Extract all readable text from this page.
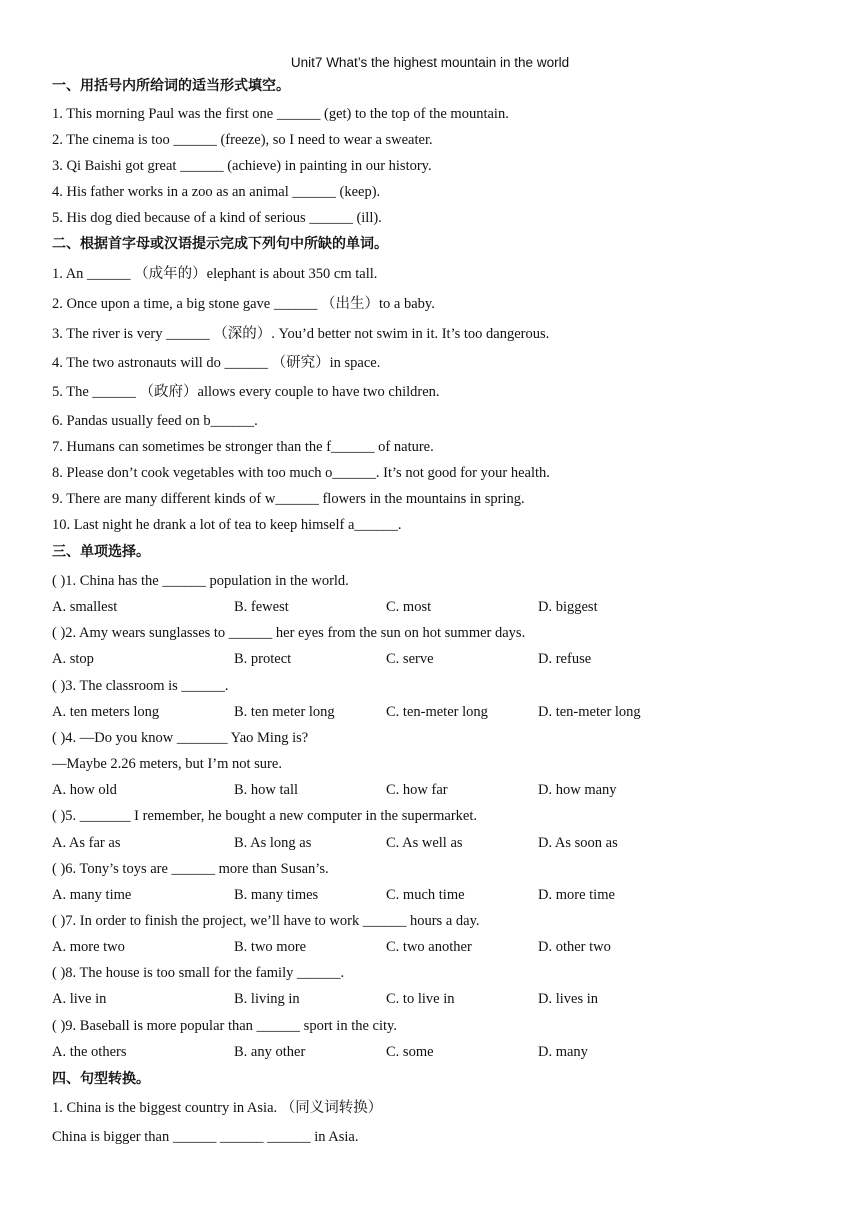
Unit7 What’s the highest mountain in the world
一、用括号内所给词的适当形式填空。
1. This morning Paul was the first one ______ (get) to the top of the mountain.
2. The cinema is too ______ (freeze), so I need to wear a sweater.
3. Qi Baishi got great ______ (achieve) in painting in our history.
4. His father works in a zoo as an animal ______ (keep).
5. His dog died because of a kind of serious ______ (ill).
二、根据首字母或汉语提示完成下列句中所缺的单词。
1. An ______ （成年的）elephant is about 350 cm tall.
2. Once upon a time, a big stone gave ______ （出生）to a baby.
3. The river is very ______ （深的）. You’d better not swim in it. It’s too dangerous.
4. The two astronauts will do ______ （研究）in space.
5. The ______ （政府）allows every couple to have two children.
6. Pandas usually feed on b______.
7. Humans can sometimes be stronger than the f______ of nature.
8. Please don’t cook vegetables with too much o______. It’s not good for your health.
9. There are many different kinds of w______ flowers in the mountains in spring.
10. Last night he drank a lot of tea to keep himself a______.
三、单项选择。
( )1. China has the ______ population in the world.
A. smallest	B. fewest	C. most	D. biggest
( )2. Amy wears sunglasses to ______ her eyes from the sun on hot summer days.
A. stop	B. protect	C. serve	D. refuse
( )3. The classroom is ______.
A. ten meters long	B. ten meter long	C. ten-meter long	D. ten-meter long
( )4. —Do you know _______ Yao Ming is?
—Maybe 2.26 meters, but I’m not sure.
A. how old	B. how tall	C. how far	D. how many
( )5. _______ I remember, he bought a new computer in the supermarket.
A. As far as	B. As long as	C. As well as	D. As soon as
( )6. Tony’s toys are ______ more than Susan’s.
A. many time	B. many times	C. much time	D. more time
( )7. In order to finish the project, we’ll have to work ______ hours a day.
A. more two	B. two more	C. two another	D. other two
( )8. The house is too small for the family ______.
A. live in	B. living in	C. to live in	D. lives in
( )9. Baseball is more popular than ______ sport in the city.
A. the others	B. any other	C. some	D. many
四、句型转换。
1. China is the biggest country in Asia. （同义词转换）
China is bigger than ______ ______ ______ in Asia.
